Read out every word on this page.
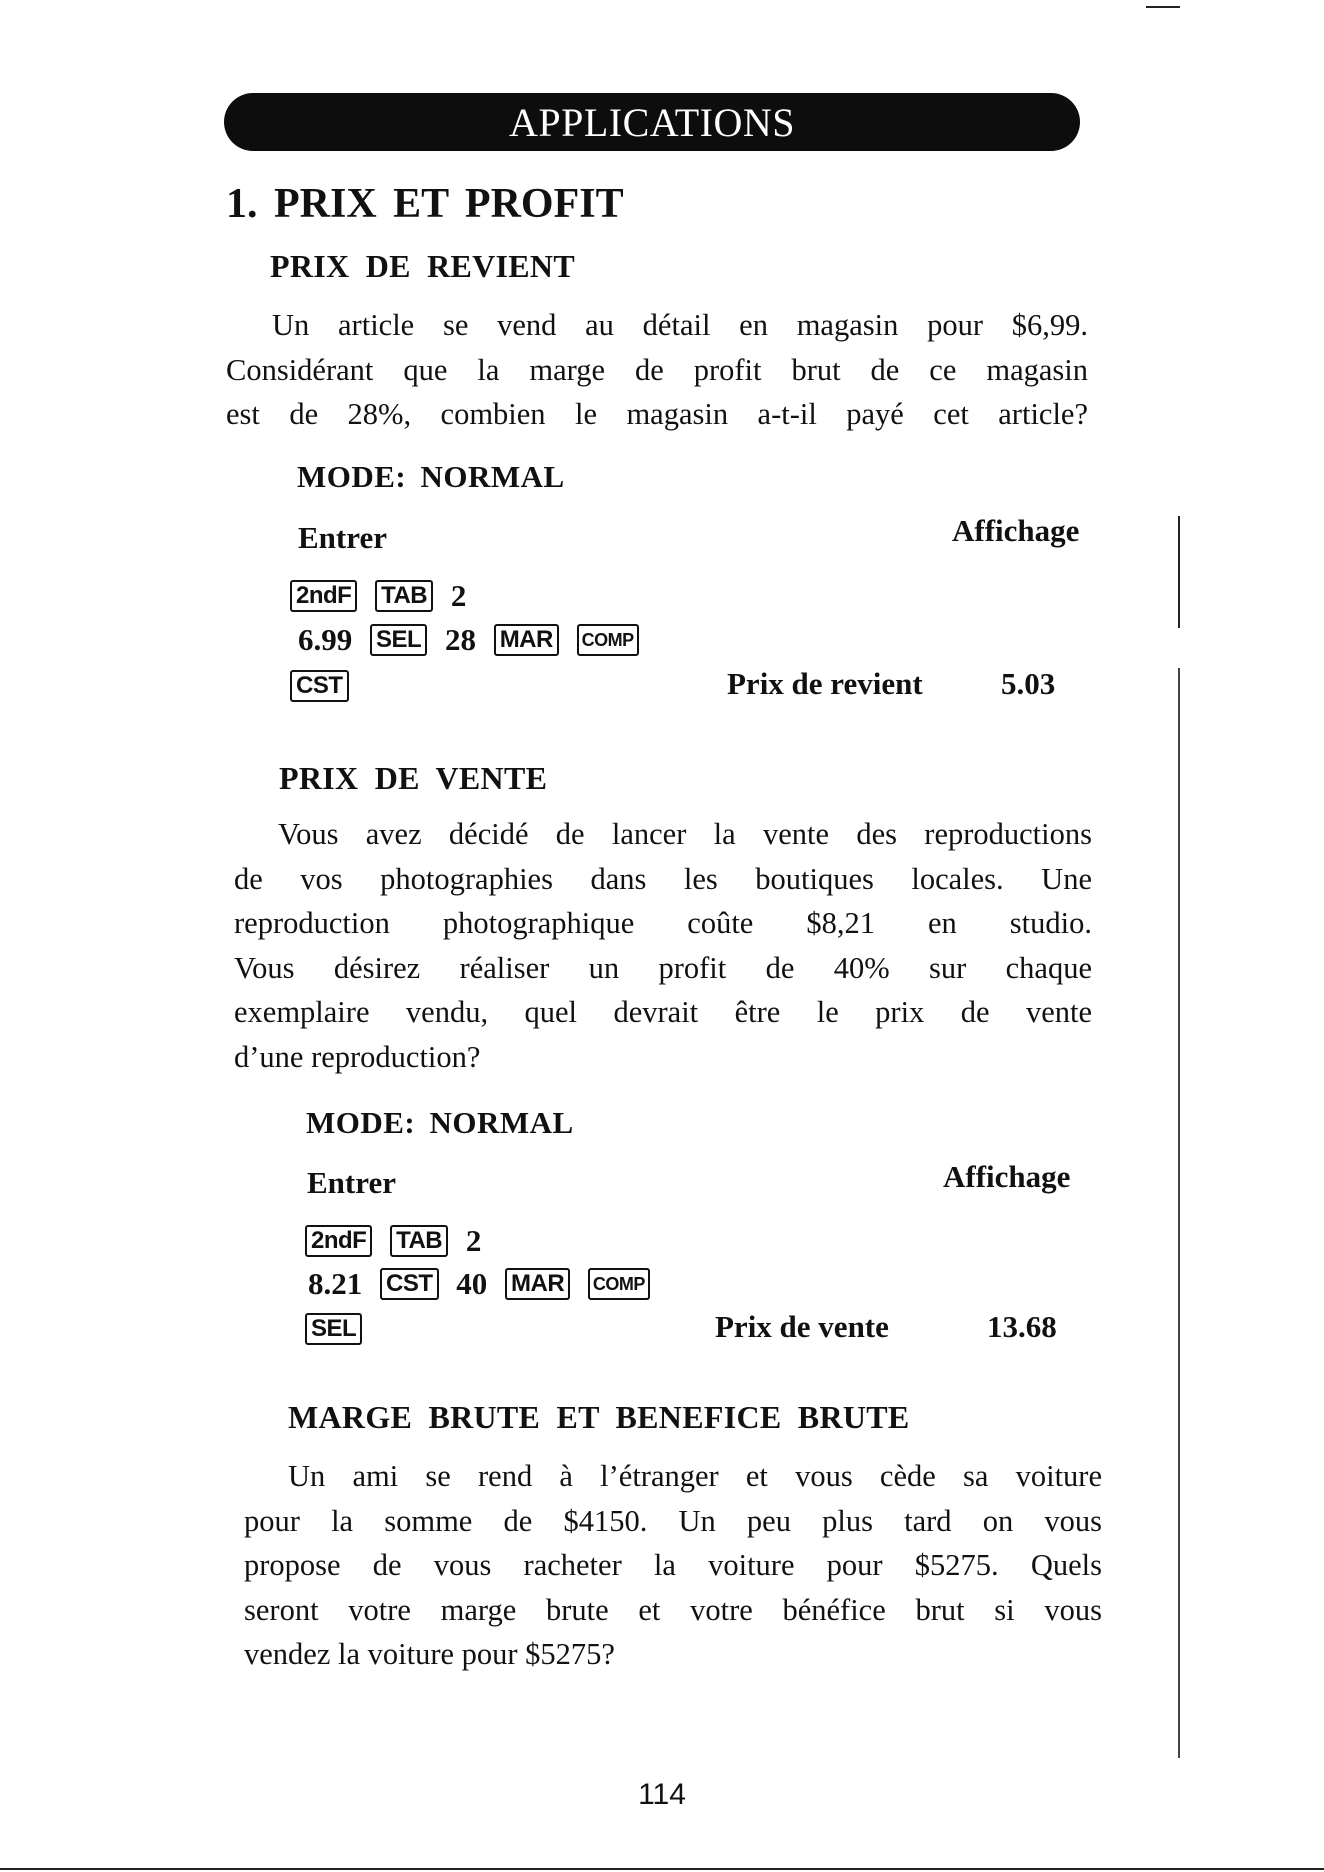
APPLICATIONS
1. PRIX ET PROFIT
PRIX DE REVIENT
Un article se vend au détail en magasin pour $6,99.
Considérant que la marge de profit brut de ce magasin
est de 28%, combien le magasin a-t-il payé cet article?
MODE: NORMAL
Entrer	Affichage
2ndF TAB 2
6.99 SEL 28 MAR COMP
CST	Prix de revient	5.03
PRIX DE VENTE
Vous avez décidé de lancer la vente des reproductions
de vos photographies dans les boutiques locales. Une
reproduction photographique coûte $8,21 en studio.
Vous désirez réaliser un profit de 40% sur chaque
exemplaire vendu, quel devrait être le prix de vente
d’une reproduction?
MODE: NORMAL
Entrer	Affichage
2ndF TAB 2
8.21 CST 40 MAR COMP
SEL	Prix de vente	13.68
MARGE BRUTE ET BENEFICE BRUTE
Un ami se rend à l’étranger et vous cède sa voiture
pour la somme de $4150. Un peu plus tard on vous
propose de vous racheter la voiture pour $5275. Quels
seront votre marge brute et votre bénéfice brut si vous
vendez la voiture pour $5275?
114
